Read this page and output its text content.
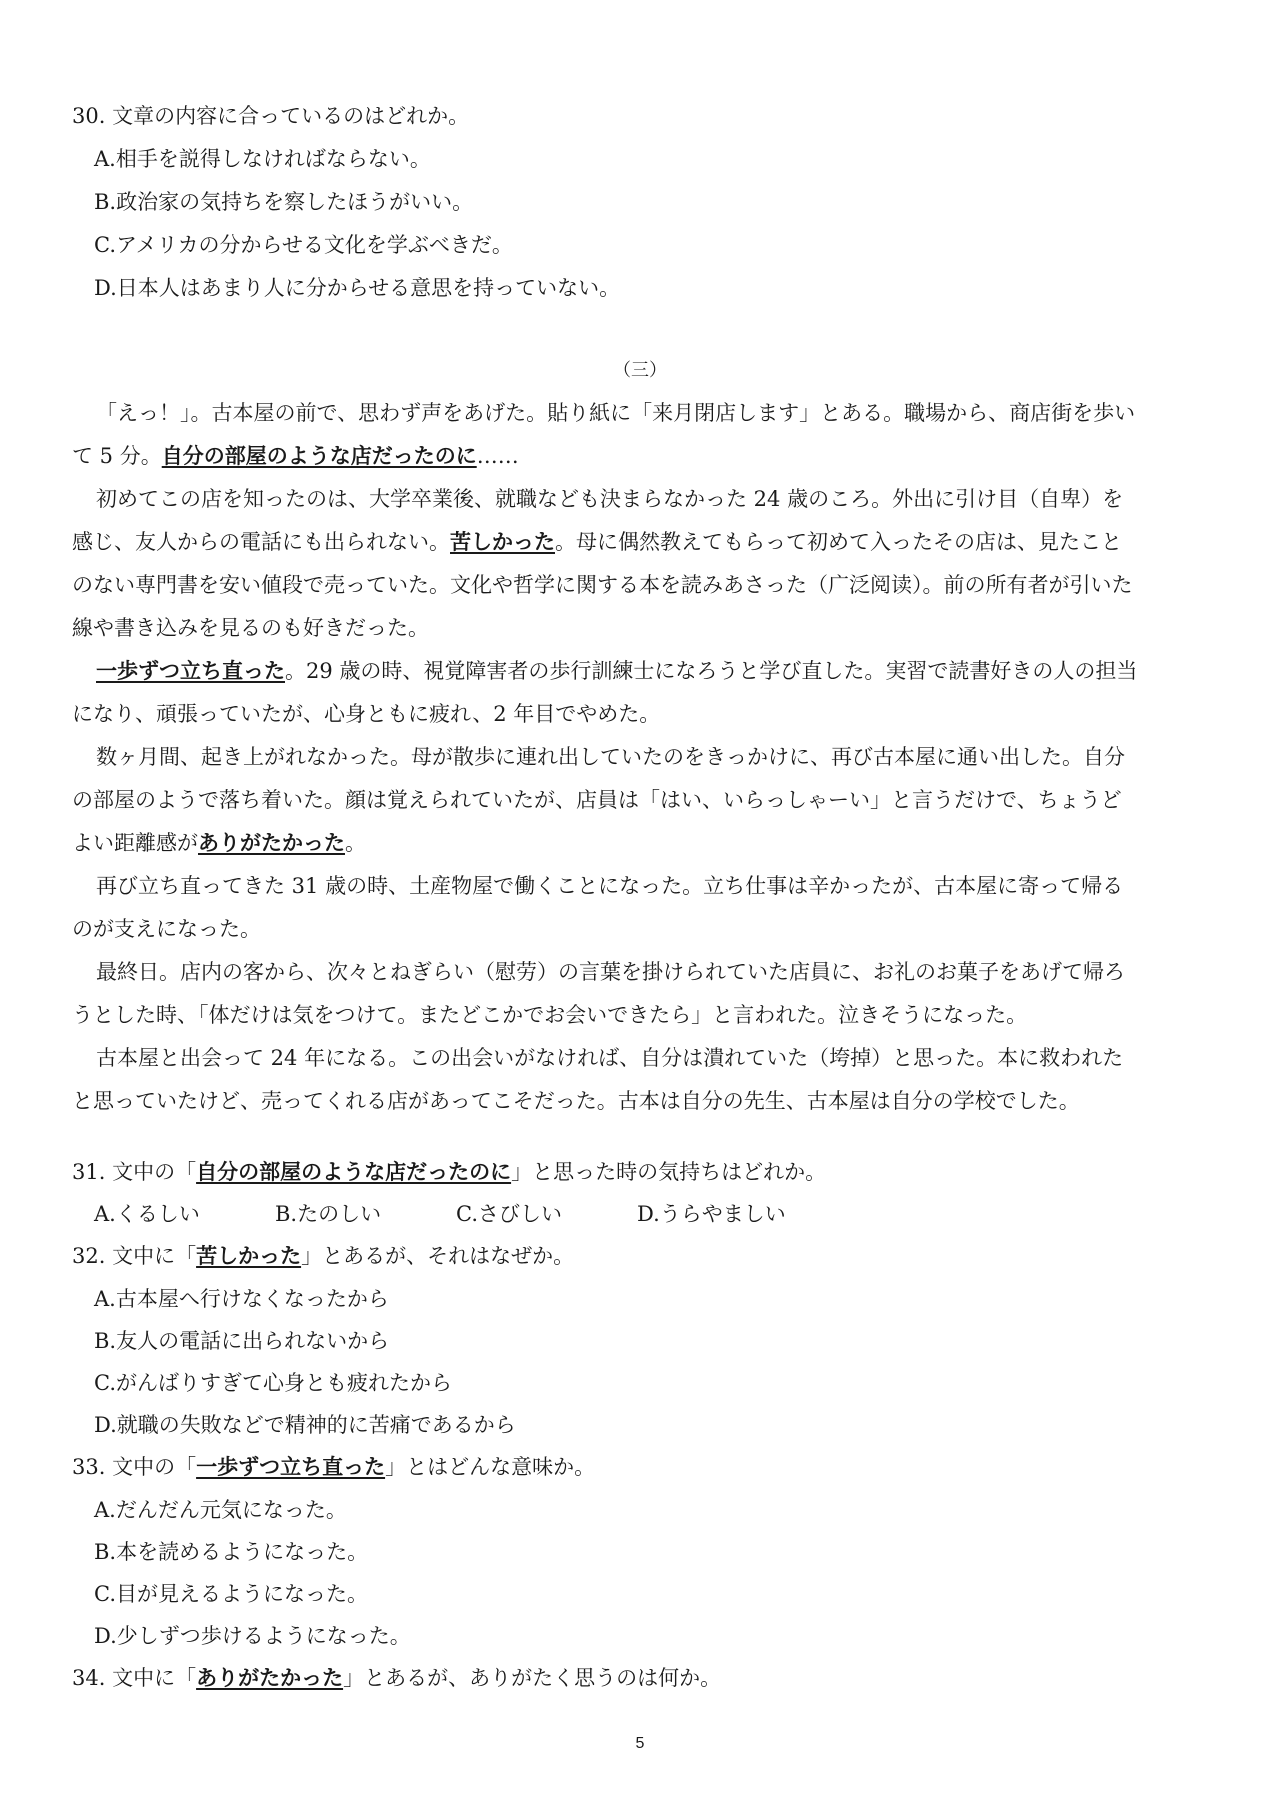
30. 文章の内容に合っているのはどれか。
A.相手を説得しなければならない。
B.政治家の気持ちを察したほうがいい。
C.アメリカの分からせる文化を学ぶべきだ。
D.日本人はあまり人に分からせる意思を持っていない。
（三）
「えっ！」。古本屋の前で、思わず声をあげた。貼り紙に「来月閉店します」とある。職場から、商店街を歩い
て 5 分。自分の部屋のような店だったのに……
初めてこの店を知ったのは、大学卒業後、就職なども決まらなかった 24 歳のころ。外出に引け目（自卑）を
感じ、友人からの電話にも出られない。苦しかった。母に偶然教えてもらって初めて入ったその店は、見たこと
のない専門書を安い値段で売っていた。文化や哲学に関する本を読みあさった（广泛阅读）。前の所有者が引いた
線や書き込みを見るのも好きだった。
一歩ずつ立ち直った。29 歳の時、視覚障害者の歩行訓練士になろうと学び直した。実習で読書好きの人の担当
になり、頑張っていたが、心身ともに疲れ、2 年目でやめた。
数ヶ月間、起き上がれなかった。母が散歩に連れ出していたのをきっかけに、再び古本屋に通い出した。自分
の部屋のようで落ち着いた。顔は覚えられていたが、店員は「はい、いらっしゃーい」と言うだけで、ちょうど
よい距離感がありがたかった。
再び立ち直ってきた 31 歳の時、土産物屋で働くことになった。立ち仕事は辛かったが、古本屋に寄って帰る
のが支えになった。
最終日。店内の客から、次々とねぎらい（慰劳）の言葉を掛けられていた店員に、お礼のお菓子をあげて帰ろ
うとした時、「体だけは気をつけて。またどこかでお会いできたら」と言われた。泣きそうになった。
古本屋と出会って 24 年になる。この出会いがなければ、自分は潰れていた（垮掉）と思った。本に救われた
と思っていたけど、売ってくれる店があってこそだった。古本は自分の先生、古本屋は自分の学校でした。
31. 文中の「自分の部屋のような店だったのに」と思った時の気持ちはどれか。
A.くるしい	B.たのしい	C.さびしい	D.うらやましい
32. 文中に「苦しかった」とあるが、それはなぜか。
A.古本屋へ行けなくなったから
B.友人の電話に出られないから
C.がんばりすぎて心身とも疲れたから
D.就職の失敗などで精神的に苦痛であるから
33. 文中の「一歩ずつ立ち直った」とはどんな意味か。
A.だんだん元気になった。
B.本を読めるようになった。
C.目が見えるようになった。
D.少しずつ歩けるようになった。
34. 文中に「ありがたかった」とあるが、ありがたく思うのは何か。
5
